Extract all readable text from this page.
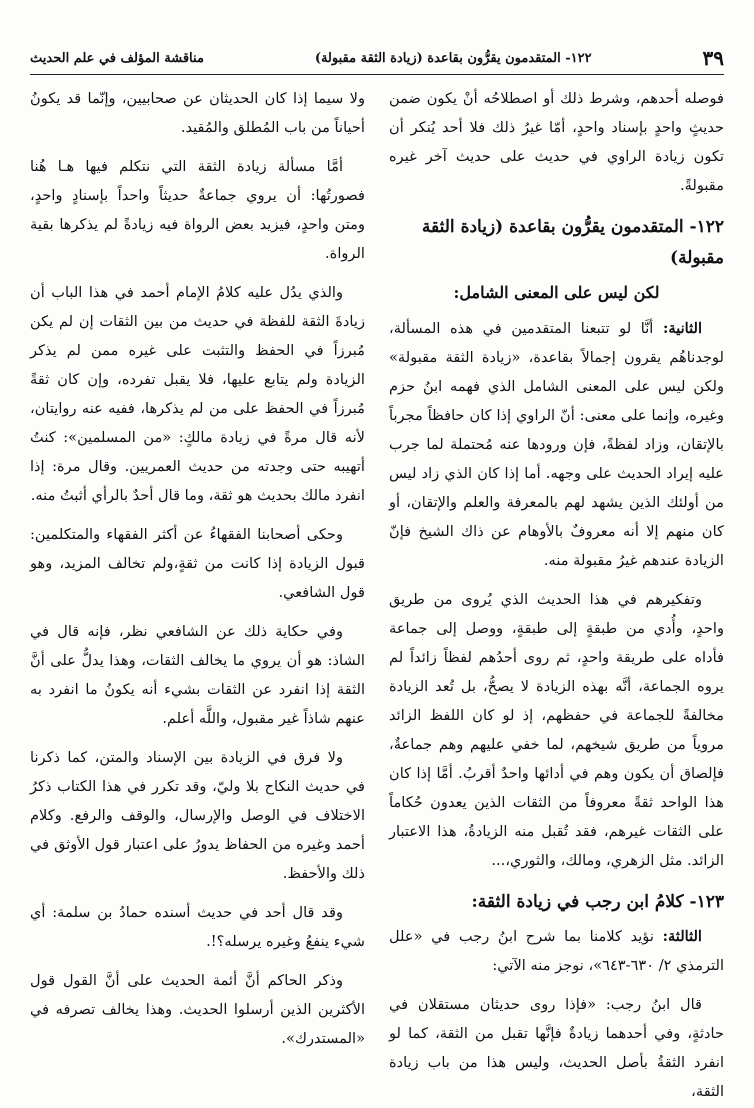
٣٩
١٢٢- المتقدمون يقرُّون بقاعدة (زيادة الثقة مقبولة)
مناقشة المؤلف في علم الحديث

فوصله أحدهم، وشرط ذلك أو اصطلاحُه أنْ يكون ضمن حديثٍ واحدٍ بإسناد واحدٍ، أمّا غيرُ ذلك فلا أحد يُنكر أن تكون زيادة الراوي في حديث على حديث آخر غيره مقبولةً.

١٢٢- المتقدمون يقرُّون بقاعدة (زيادة الثقة مقبولة)
لكن ليس على المعنى الشامل:

الثانية: أنَّا لو تتبعنا المتقدمين في هذه المسألة، لوجدناهُم يقرون إجمالاً بقاعدة، «زيادة الثقة مقبولة» ولكن ليس على المعنى الشامل الذي فهمه ابنُ حزم وغيره، وإنما على معنى: أنّ الراوي إذا كان حافظاً مجرباً بالإتقان، وزاد لفظةً، فإن ورودها عنه مُحتملة لما جرب عليه إيراد الحديث على وجهه. أما إذا كان الذي زاد ليس من أولئك الذين يشهد لهم بالمعرفة والعلم والإتقان، أو كان منهم إلا أنه معروفٌ بالأوهام عن ذاك الشيخ فإنّ الزيادة عندهم غيرُ مقبولة منه.

وتفكيرهم في هذا الحديث الذي يُروى من طريق واحدٍ، وأُدي من طبقةٍ إلى طبقةٍ، ووصل إلى جماعة فأداه على طريقة واحدٍ، ثم روى أحدُهم لفظاً زائداً لم يروه الجماعة، أنَّه بهذه الزيادة لا يصحُّ، بل تُعد الزيادة مخالفةً للجماعة في حفظهم، إذ لو كان اللفظ الزائد مروياً من طريق شيخهم، لما خفي عليهم وهم جماعةٌ، فإلصاق أن يكون وهم في أدائها واحدٌ أقربُ. أمَّا إذا كان هذا الواحد ثقةً معروفاً من الثقات الذين يعدون حُكاماً على الثقات غيرهم، فقد تُقبل منه الزيادةُ، هذا الاعتبار الزائد. مثل الزهري، ومالك، والثوري،...

١٢٣- كلامُ ابن رجب في زيادة الثقة:

الثالثة: نؤيد كلامنا بما شرح ابنُ رجب في «علل الترمذي ٢/ ٦٣٠-٦٤٣»، نوجز منه الآتي:

قال ابنُ رجب: «فإذا روى حديثان مستقلان في حادثةٍ، وفي أحدهما زيادةٌ فإنَّها تقبل من الثقة، كما لو انفرد الثقةُ بأصل الحديث، وليس هذا من باب زيادة الثقة،

ولا سيما إذا كان الحديثان عن صحابيين، وإنّما قد يكونُ أحياناً من باب المُطلق والمُقيد.

أمَّا مسألة زيادة الثقة التي نتكلم فيها هـا هُنا فصورتُها: أن يروي جماعةٌ حديثاً واحداً بإسنادٍ واحدٍ، ومتن واحدٍ، فيزيد بعض الرواة فيه زيادةً لم يذكرها بقية الرواة.

والذي يدُل عليه كلامُ الإمام أحمد في هذا الباب أن زيادةَ الثقة للفظة في حديث من بين الثقات إن لم يكن مُبرزاً في الحفظ والتثبت على غيره ممن لم يذكر الزيادة ولم يتابع عليها، فلا يقبل تفرده، وإن كان ثقةً مُبرزاً في الحفظ على من لم يذكرها، ففيه عنه روايتان، لأنه قال مرةً في زيادة مالكٍ: «من المسلمين»: كنتُ أتهيبه حتى وجدته من حديث العمريين. وقال مرة: إذا انفرد مالك بحديث هو ثقة، وما قال أحدٌ بالرأي أثبتُ منه.

وحكى أصحابنا الفقهاءُ عن أكثر الفقهاء والمتكلمين: قبول الزيادة إذا كانت من ثقةٍ،ولم تخالف المزيد، وهو قول الشافعي.

وفي حكاية ذلك عن الشافعي نظر، فإنه قال في الشاذ: هو أن يروي ما يخالف الثقات، وهذا يدلُّ على أنَّ الثقة إذا انفرد عن الثقات بشيء أنه يكونُ ما انفرد به عنهم شاذاً غير مقبول، واللَّه أعلم.

ولا فرق في الزيادة بين الإسناد والمتن، كما ذكرنا في حديث النكاح بلا وليّ، وقد تكرر في هذا الكتاب ذكرُ الاختلاف في الوصل والإرسال، والوقف والرفع. وكلام أحمد وغيره من الحفاظ يدورُ على اعتبار قول الأوثق في ذلك والأحفظ.

وقد قال أحد في حديث أسنده حمادُ بن سلمة: أي شيء ينفعُ وغيره يرسله؟!.

وذكر الحاكم أنَّ أئمة الحديث على أنَّ القول قول الأكثرين الذين أرسلوا الحديث. وهذا يخالف تصرفه في «المستدرك».
